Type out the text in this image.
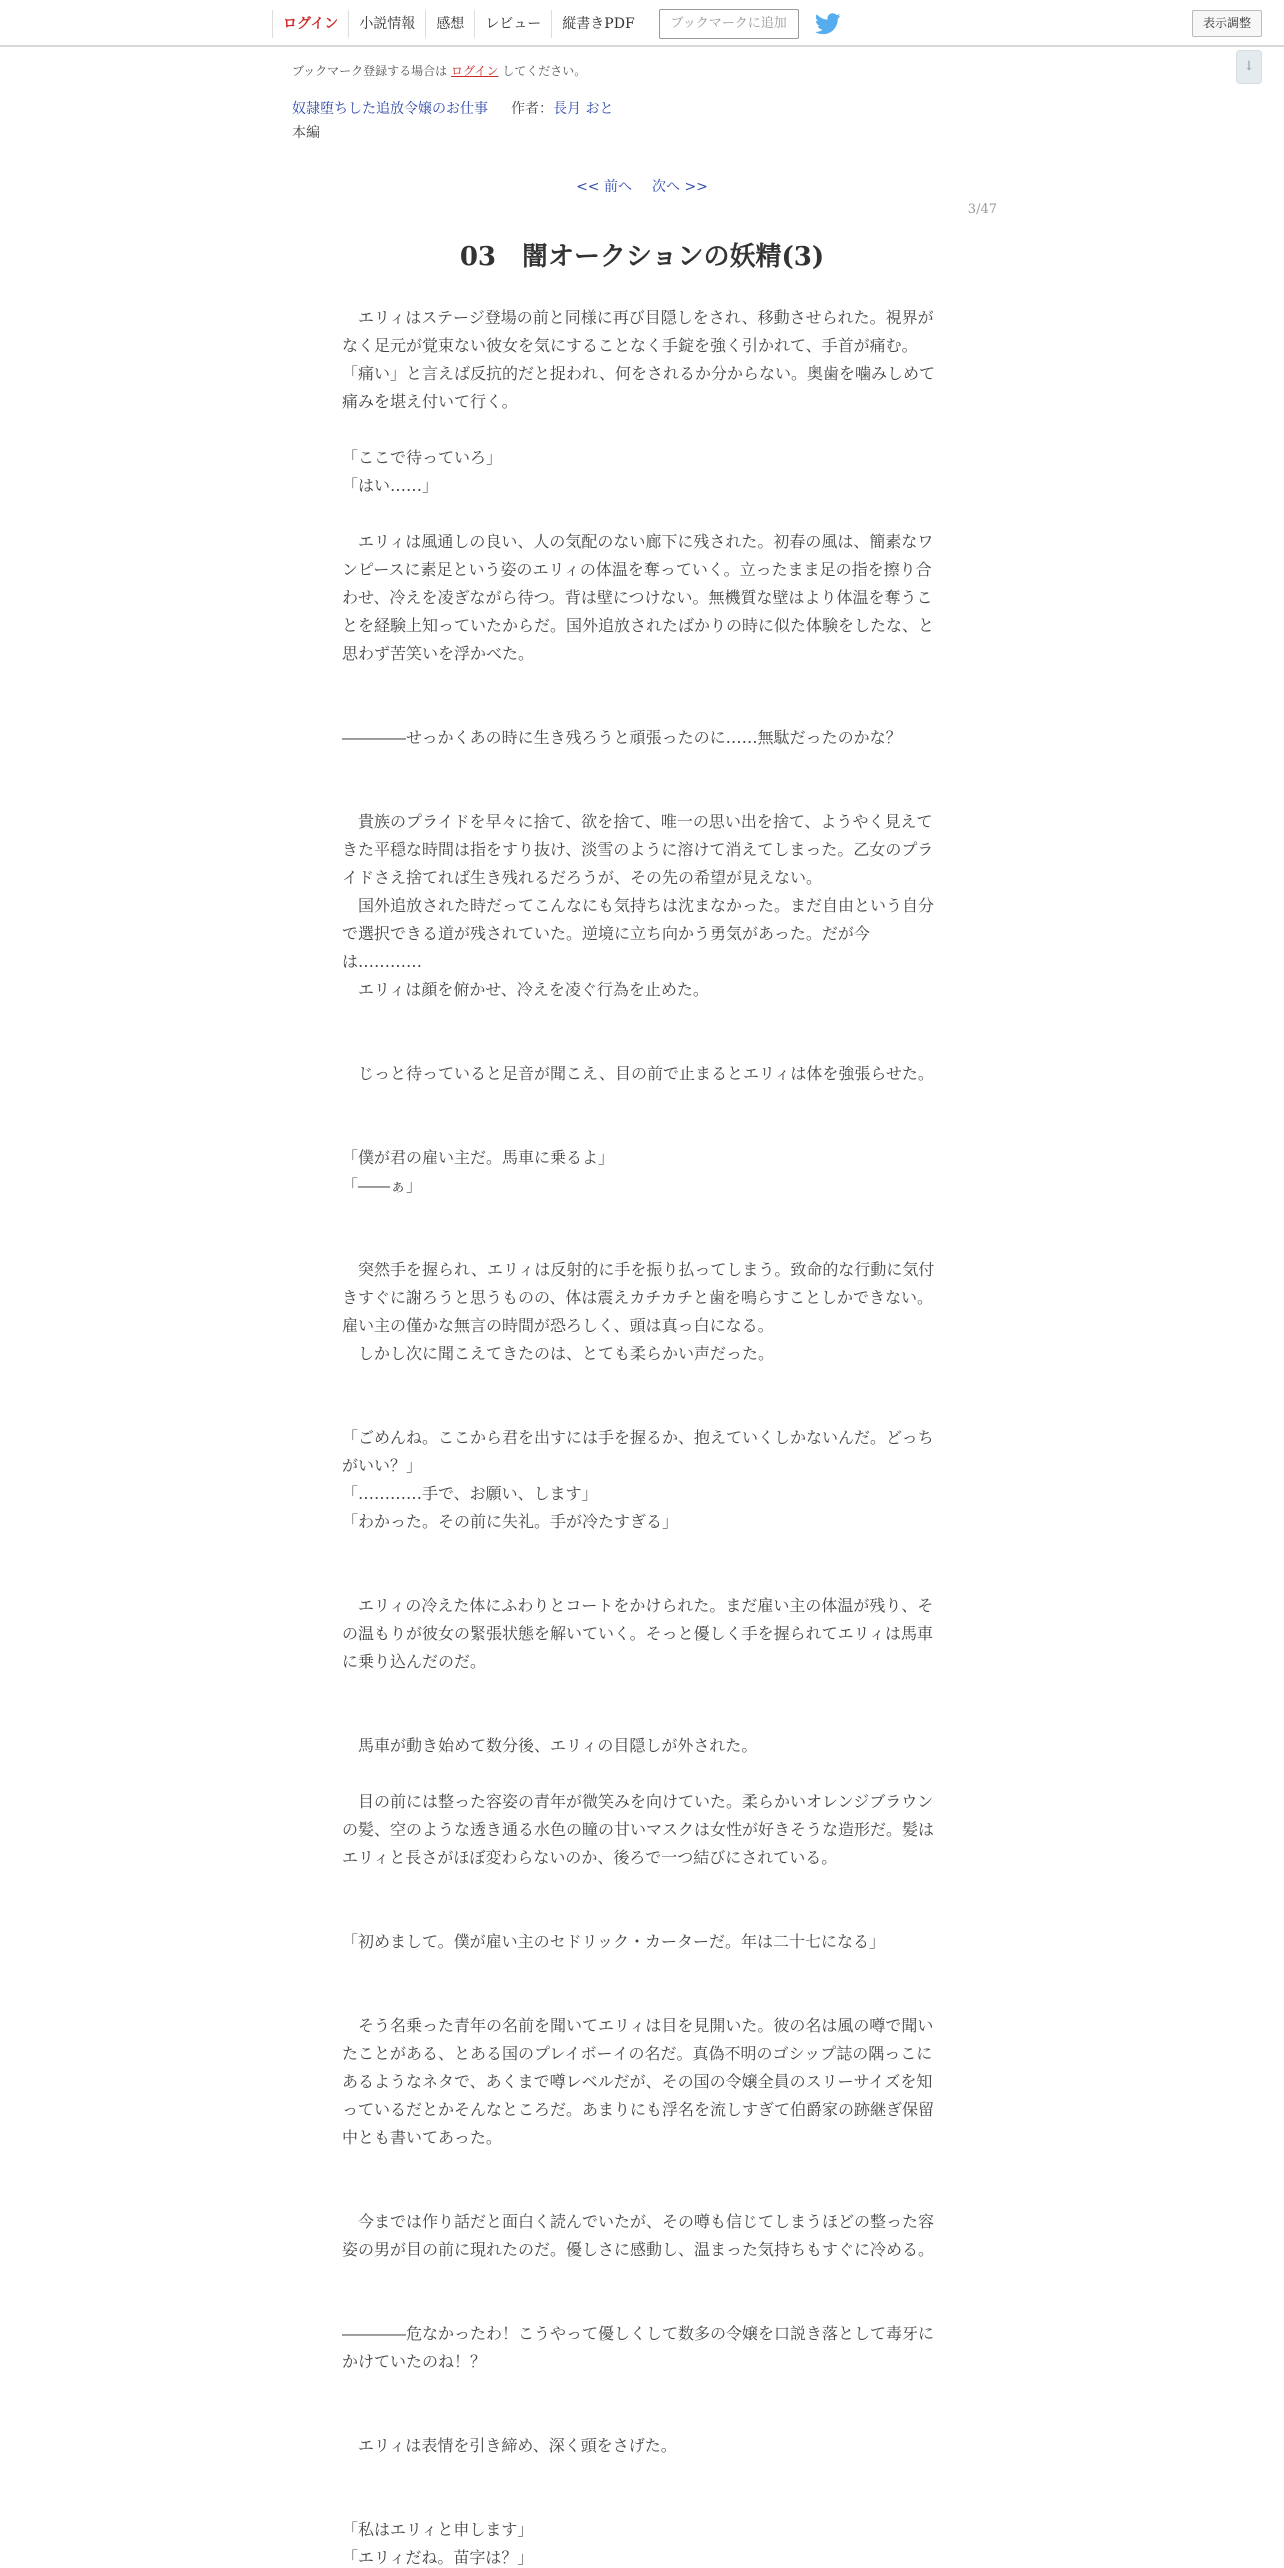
ログイン	小説情報	感想	レビュー	縦書きPDF	ブックマークに追加	表示調整
↓
ブックマーク登録する場合は ログイン してください。
奴隷堕ちした追放令嬢のお仕事 作者：長月 おと
本編
<< 前へ 次へ >>
3/47
03　闇オークションの妖精(3)

　エリィはステージ登場の前と同様に再び目隠しをされ、移動させられた。視界がなく足元が覚束ない彼女を気にすることなく手錠を強く引かれて、手首が痛む。

「痛い」と言えば反抗的だと捉われ、何をされるか分からない。奥歯を噛みしめて痛みを堪え付いて行く。

「ここで待っていろ」

「はい……」

　エリィは風通しの良い、人の気配のない廊下に残された。初春の風は、簡素なワンピースに素足という姿のエリィの体温を奪っていく。立ったまま足の指を擦り合わせ、冷えを凌ぎながら待つ。背は壁につけない。無機質な壁はより体温を奪うことを経験上知っていたからだ。国外追放されたばかりの時に似た体験をしたな、と思わず苦笑いを浮かべた。

――――せっかくあの時に生き残ろうと頑張ったのに……無駄だったのかな？

　貴族のプライドを早々に捨て、欲を捨て、唯一の思い出を捨て、ようやく見えてきた平穏な時間は指をすり抜け、淡雪のように溶けて消えてしまった。乙女のプライドさえ捨てれば生き残れるだろうが、その先の希望が見えない。

　国外追放された時だってこんなにも気持ちは沈まなかった。まだ自由という自分で選択できる道が残されていた。逆境に立ち向かう勇気があった。だが今は…………

　エリィは顔を俯かせ、冷えを凌ぐ行為を止めた。

　じっと待っていると足音が聞こえ、目の前で止まるとエリィは体を強張らせた。

「僕が君の雇い主だ。馬車に乗るよ」

「――ぁ」

　突然手を握られ、エリィは反射的に手を振り払ってしまう。致命的な行動に気付きすぐに謝ろうと思うものの、体は震えカチカチと歯を鳴らすことしかできない。雇い主の僅かな無言の時間が恐ろしく、頭は真っ白になる。

　しかし次に聞こえてきたのは、とても柔らかい声だった。

「ごめんね。ここから君を出すには手を握るか、抱えていくしかないんだ。どっちがいい？」

「…………手で、お願い、します」

「わかった。その前に失礼。手が冷たすぎる」

　エリィの冷えた体にふわりとコートをかけられた。まだ雇い主の体温が残り、その温もりが彼女の緊張状態を解いていく。そっと優しく手を握られてエリィは馬車に乗り込んだのだ。

　馬車が動き始めて数分後、エリィの目隠しが外された。

　目の前には整った容姿の青年が微笑みを向けていた。柔らかいオレンジブラウンの髪、空のような透き通る水色の瞳の甘いマスクは女性が好きそうな造形だ。髪はエリィと長さがほぼ変わらないのか、後ろで一つ結びにされている。

「初めまして。僕が雇い主のセドリック・カーターだ。年は二十七になる」

　そう名乗った青年の名前を聞いてエリィは目を見開いた。彼の名は風の噂で聞いたことがある、とある国のプレイボーイの名だ。真偽不明のゴシップ誌の隅っこにあるようなネタで、あくまで噂レベルだが、その国の令嬢全員のスリーサイズを知っているだとかそんなところだ。あまりにも浮名を流しすぎて伯爵家の跡継ぎ保留中とも書いてあった。

　今までは作り話だと面白く読んでいたが、その噂も信じてしまうほどの整った容姿の男が目の前に現れたのだ。優しさに感動し、温まった気持ちもすぐに冷める。

――――危なかったわ！こうやって優しくして数多の令嬢を口説き落として毒牙にかけていたのね！？

　エリィは表情を引き締め、深く頭をさげた。

「私はエリィと申します」

「エリィだね。苗字は？」
